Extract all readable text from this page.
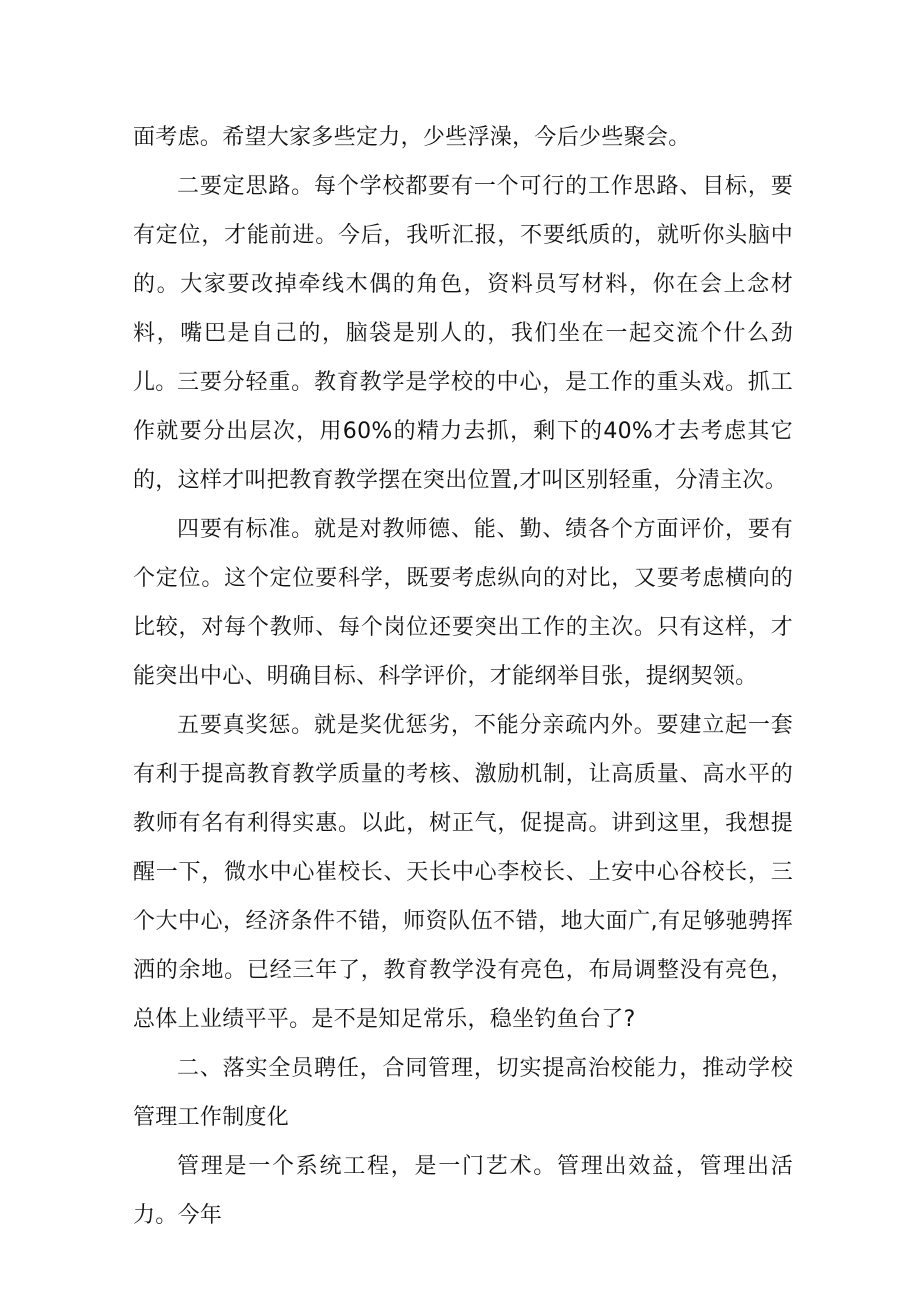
面考虑。希望大家多些定力，少些浮澡，今后少些聚会。

二要定思路。每个学校都要有一个可行的工作思路、目标，要有定位，才能前进。今后，我听汇报，不要纸质的，就听你头脑中的。大家要改掉牵线木偶的角色，资料员写材料，你在会上念材料，嘴巴是自己的，脑袋是别人的，我们坐在一起交流个什么劲儿。 三要分轻重。教育教学是学校的中心，是工作的重头戏。抓工作就要分出层次，用60%的精力去抓，剩下的40%才去考虑其它的，这样才叫把教育教学摆在突出位置,才叫区别轻重，分清主次。

四要有标准。就是对教师德、能、勤、绩各个方面评价，要有个定位。这个定位要科学，既要考虑纵向的对比，又要考虑横向的比较，对每个教师、每个岗位还要突出工作的主次。只有这样，才能突出中心、明确目标、科学评价，才能纲举目张，提纲契领。

五要真奖惩。就是奖优惩劣，不能分亲疏内外。要建立起一套有利于提高教育教学质量的考核、激励机制，让高质量、高水平的教师有名有利得实惠。以此，树正气，促提高。讲到这里，我想提醒一下，微水中心崔校长、天长中心李校长、上安中心谷校长，三个大中心，经济条件不错，师资队伍不错，地大面广,有足够驰骋挥洒的余地。已经三年了，教育教学没有亮色，布局调整没有亮色，总体上业绩平平。是不是知足常乐，稳坐钓鱼台了?

二、落实全员聘任，合同管理，切实提高治校能力，推动学校管理工作制度化

管理是一个系统工程，是一门艺术。管理出效益，管理出活力。今年
